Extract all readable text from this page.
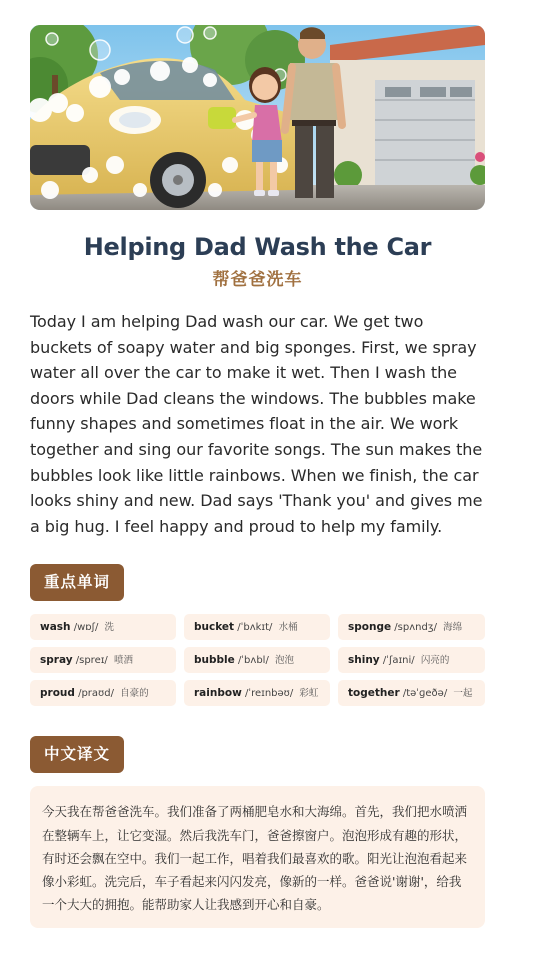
Helping Dad Wash the Car
帮爸爸洗车

Today I am helping Dad wash our car. We get two buckets of soapy water and big sponges. First, we spray water all over the car to make it wet. Then I wash the doors while Dad cleans the windows. The bubbles make funny shapes and sometimes float in the air. We work together and sing our favorite songs. The sun makes the bubbles look like little rainbows. When we finish, the car looks shiny and new. Dad says 'Thank you' and gives me a big hug. I feel happy and proud to help my family.

重点单词
wash /wɒʃ/ 洗	bucket /ˈbʌkɪt/ 水桶	sponge /spʌndʒ/ 海绵
spray /spreɪ/ 喷洒	bubble /ˈbʌbl/ 泡泡	shiny /ˈʃaɪni/ 闪亮的
proud /praʊd/ 自豪的	rainbow /ˈreɪnbəʊ/ 彩虹	together /təˈɡeðə/ 一起
中文译文
今天我在帮爸爸洗车。我们准备了两桶肥皂水和大海绵。首先，我们把水喷洒在整辆车上，让它变湿。然后我洗车门，爸爸擦窗户。泡泡形成有趣的形状，有时还会飘在空中。我们一起工作，唱着我们最喜欢的歌。阳光让泡泡看起来像小彩虹。洗完后，车子看起来闪闪发亮，像新的一样。爸爸说'谢谢'，给我一个大大的拥抱。能帮助家人让我感到开心和自豪。
